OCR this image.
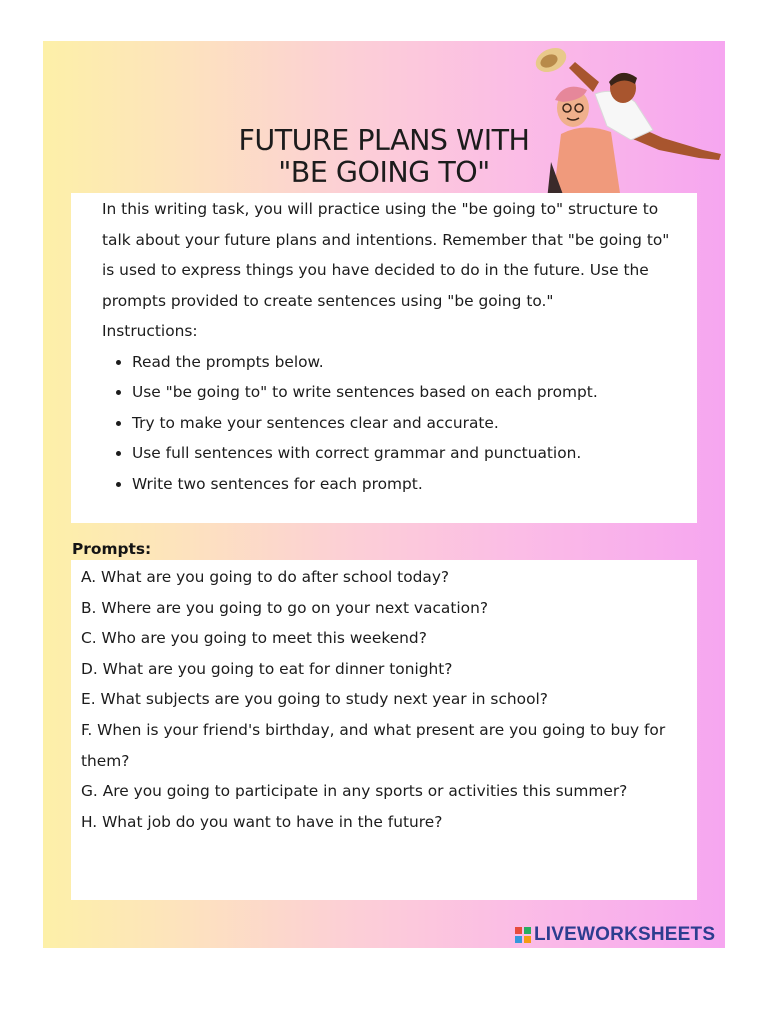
FUTURE PLANS WITH
"BE GOING TO"

In this writing task, you will practice using the "be going to" structure to talk about your future plans and intentions. Remember that "be going to" is used to express things you have decided to do in the future. Use the prompts provided to create sentences using "be going to."

Instructions:

Read the prompts below.
Use "be going to" to write sentences based on each prompt.
Try to make your sentences clear and accurate.
Use full sentences with correct grammar and punctuation.
Write two sentences for each prompt.
Prompts:
A. What are you going to do after school today?
B. Where are you going to go on your next vacation?
C. Who are you going to meet this weekend?
D. What are you going to eat for dinner tonight?
E. What subjects are you going to study next year in school?
F. When is your friend's birthday, and what present are you going to buy for them?
G. Are you going to participate in any sports or activities this summer?
H. What job do you want to have in the future?
LIVEWORKSHEETS
